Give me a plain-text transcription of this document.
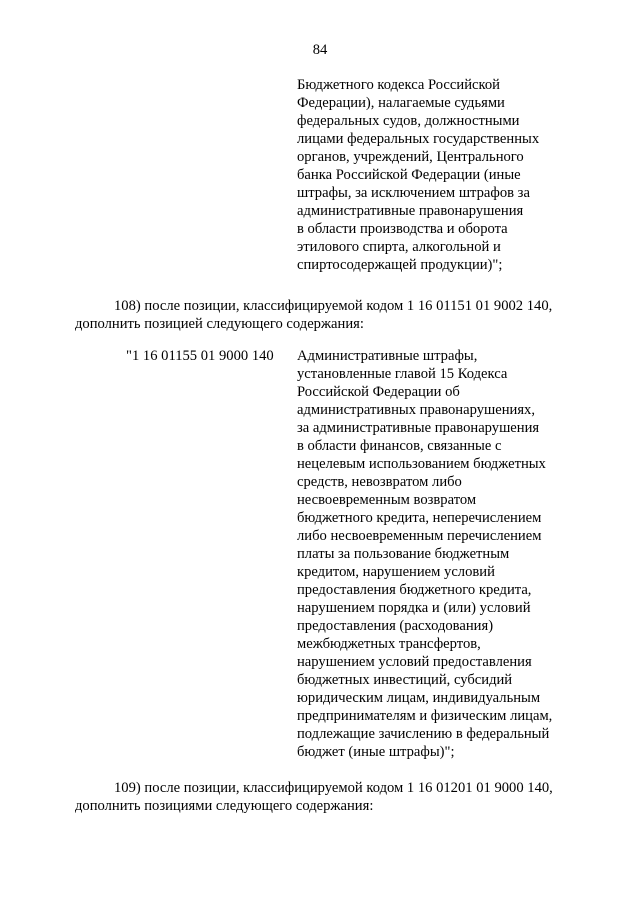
84
Бюджетного кодекса Российской
Федерации), налагаемые судьями
федеральных судов, должностными
лицами федеральных государственных
органов, учреждений, Центрального
банка Российской Федерации (иные
штрафы, за исключением штрафов за
административные правонарушения
в области производства и оборота
этилового спирта, алкогольной и
спиртосодержащей продукции)";
108) после позиции, классифицируемой кодом 1 16 01151 01 9002 140,
дополнить позицией следующего содержания:
"1 16 01155 01 9000 140 Административные штрафы,
установленные главой 15 Кодекса
Российской Федерации об
административных правонарушениях,
за административные правонарушения
в области финансов, связанные с
нецелевым использованием бюджетных
средств, невозвратом либо
несвоевременным возвратом
бюджетного кредита, неперечислением
либо несвоевременным перечислением
платы за пользование бюджетным
кредитом, нарушением условий
предоставления бюджетного кредита,
нарушением порядка и (или) условий
предоставления (расходования)
межбюджетных трансфертов,
нарушением условий предоставления
бюджетных инвестиций, субсидий
юридическим лицам, индивидуальным
предпринимателям и физическим лицам,
подлежащие зачислению в федеральный
бюджет (иные штрафы)";
109) после позиции, классифицируемой кодом 1 16 01201 01 9000 140,
дополнить позициями следующего содержания:
